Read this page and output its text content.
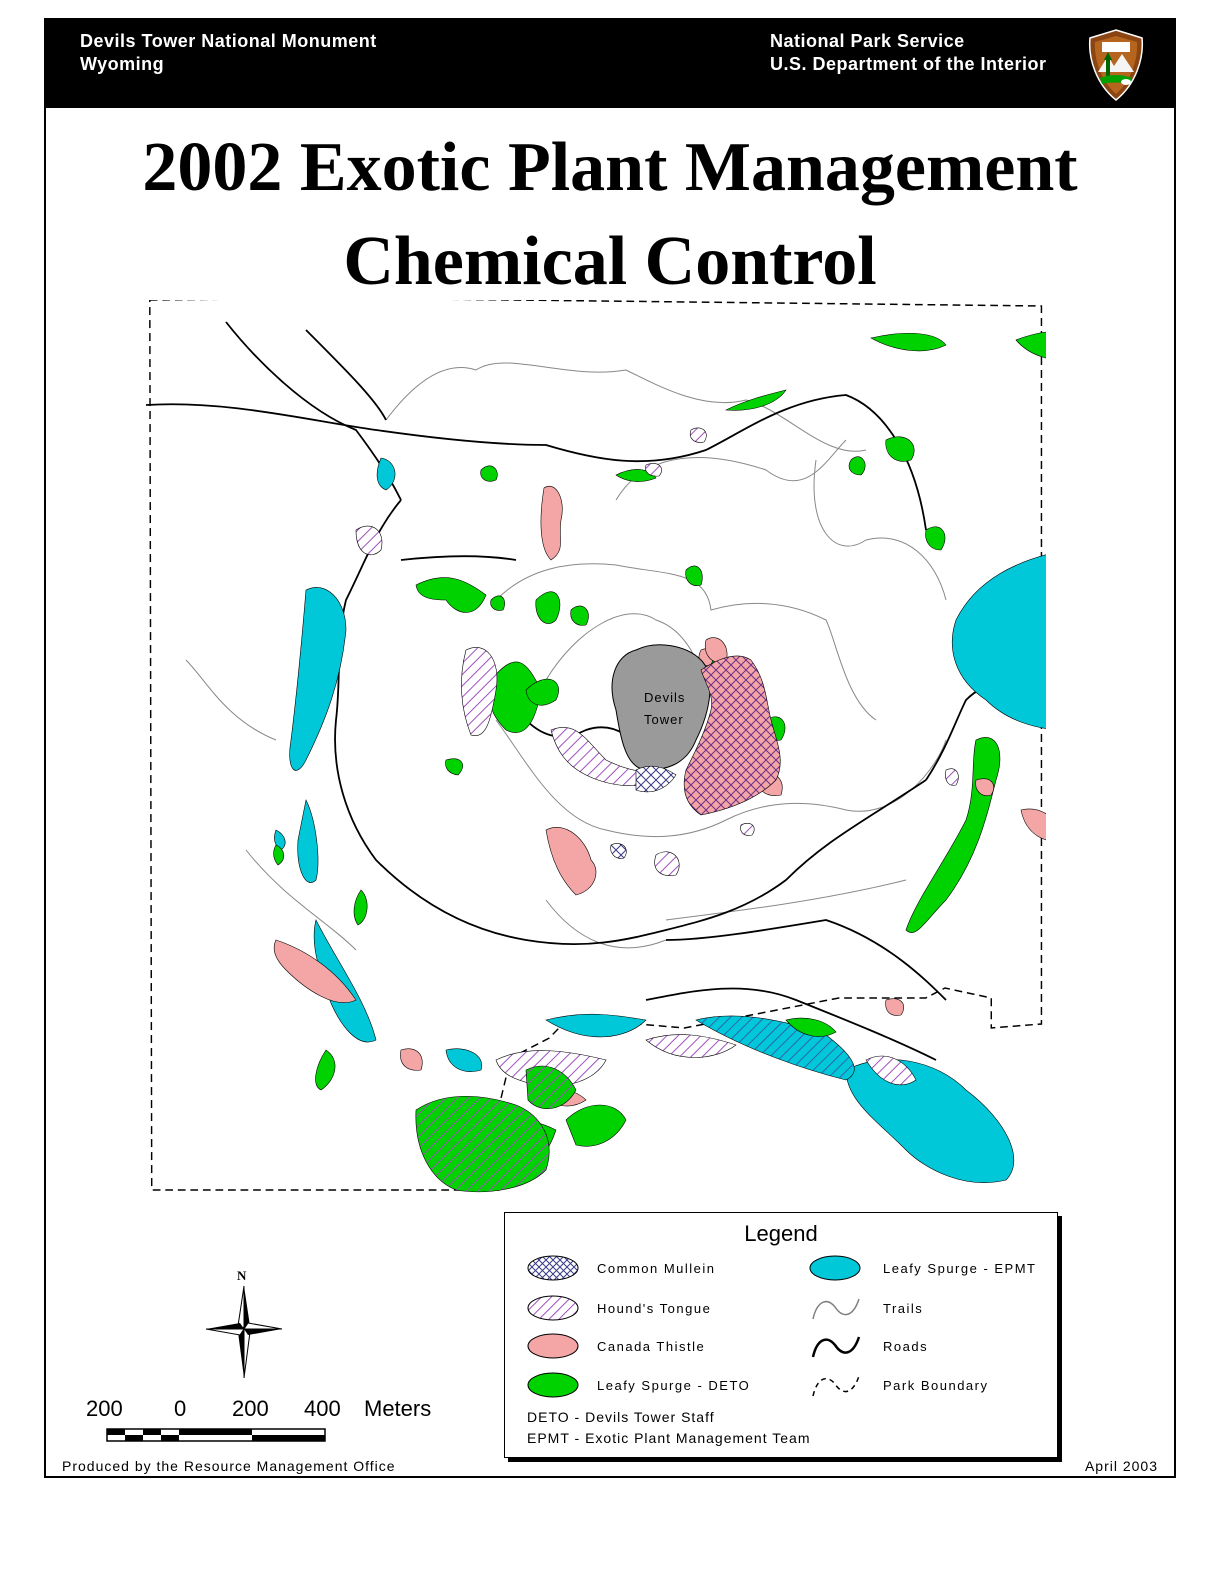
Devils Tower National Monument
Wyoming
National Park Service
U.S. Department of the Interior
2002 Exotic Plant Management
Chemical Control
Devils
Tower
Legend
Common Mullein
Hound's Tongue
Canada Thistle
Leafy Spurge - DETO
Leafy Spurge - EPMT
Trails
Roads
Park Boundary
DETO - Devils Tower Staff
EPMT - Exotic Plant Management Team
N
200 0 200 400 Meters
Produced by the Resource Management Office	April 2003
